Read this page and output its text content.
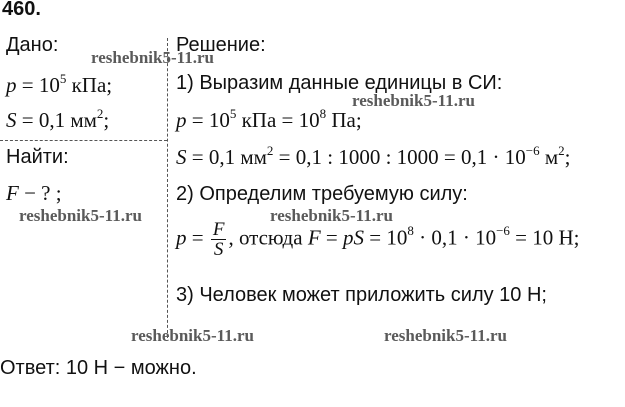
460.
Дано:
$p = 10^5$ кПа;
S = 0,1 $мм^2$;
Найти:
F − ? ;
Решение:
1) Выразим данные единицы в СИ:
$p = 10^5$ кПа = $10^8$ Па;
S = 0,1 $мм^2 = 0,1$ : 1000 : $1000 = 0,1 \cdot 10^{-6}$ $м^2$;
2) Определим требуемую силу:
$p = \frac{F}{S}$ , отсюда F = pS = $10^8 \cdot 0,1 \cdot 10^{-6} = 10$ Н;
3) Человек может приложить силу 10 Н;
Ответ: 10 Н − можно.
reshebnik5-11.ru
reshebnik5-11.ru
reshebnik5-11.ru	reshebnik5-11.ru
reshebnik5-11.ru	reshebnik5-11.ru
